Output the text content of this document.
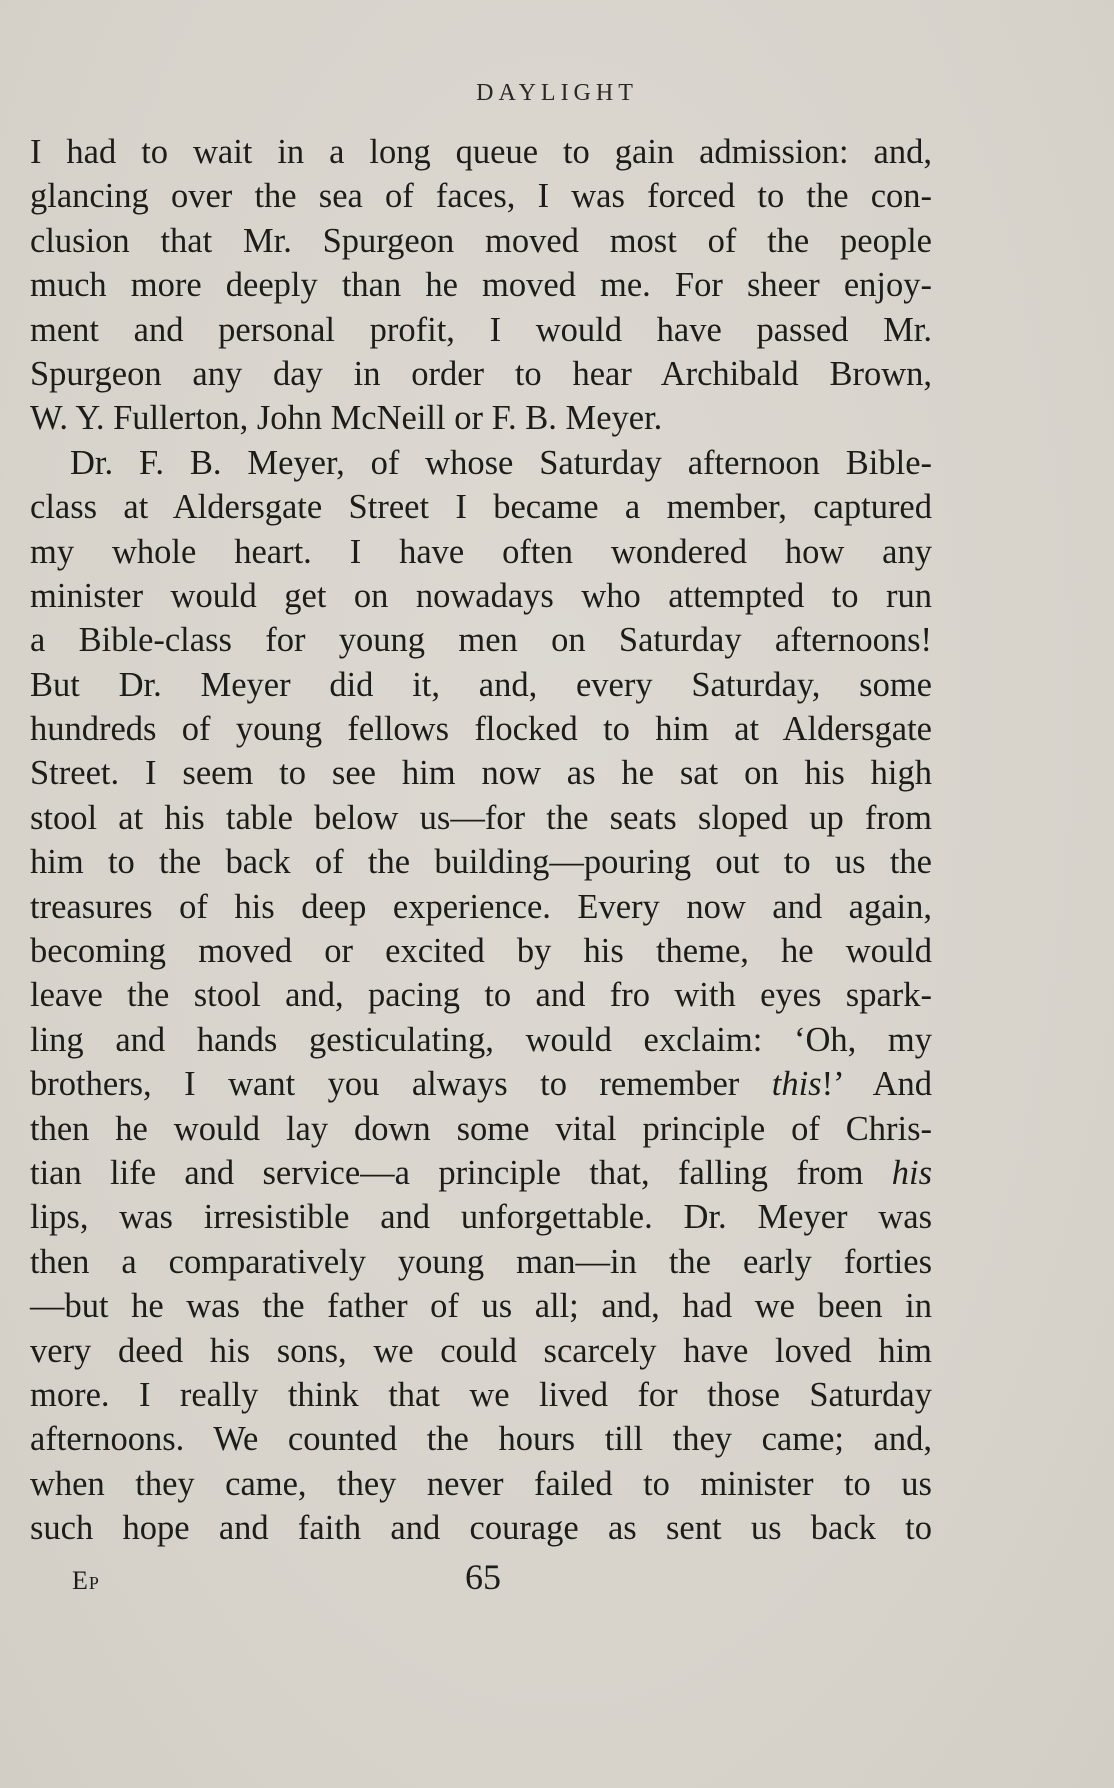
DAYLIGHT
I had to wait in a long queue to gain admission: and,
glancing over the sea of faces, I was forced to the con-
clusion that Mr. Spurgeon moved most of the people
much more deeply than he moved me. For sheer enjoy-
ment and personal profit, I would have passed Mr.
Spurgeon any day in order to hear Archibald Brown,
W. Y. Fullerton, John McNeill or F. B. Meyer.
Dr. F. B. Meyer, of whose Saturday afternoon Bible-
class at Aldersgate Street I became a member, captured
my whole heart. I have often wondered how any
minister would get on nowadays who attempted to run
a Bible-class for young men on Saturday afternoons!
But Dr. Meyer did it, and, every Saturday, some
hundreds of young fellows flocked to him at Aldersgate
Street. I seem to see him now as he sat on his high
stool at his table below us—for the seats sloped up from
him to the back of the building—pouring out to us the
treasures of his deep experience. Every now and again,
becoming moved or excited by his theme, he would
leave the stool and, pacing to and fro with eyes spark-
ling and hands gesticulating, would exclaim: ‘Oh, my
brothers, I want you always to remember this!’ And
then he would lay down some vital principle of Chris-
tian life and service—a principle that, falling from his
lips, was irresistible and unforgettable. Dr. Meyer was
then a comparatively young man—in the early forties
—but he was the father of us all; and, had we been in
very deed his sons, we could scarcely have loved him
more. I really think that we lived for those Saturday
afternoons. We counted the hours till they came; and,
when they came, they never failed to minister to us
such hope and faith and courage as sent us back to
Ep	65
